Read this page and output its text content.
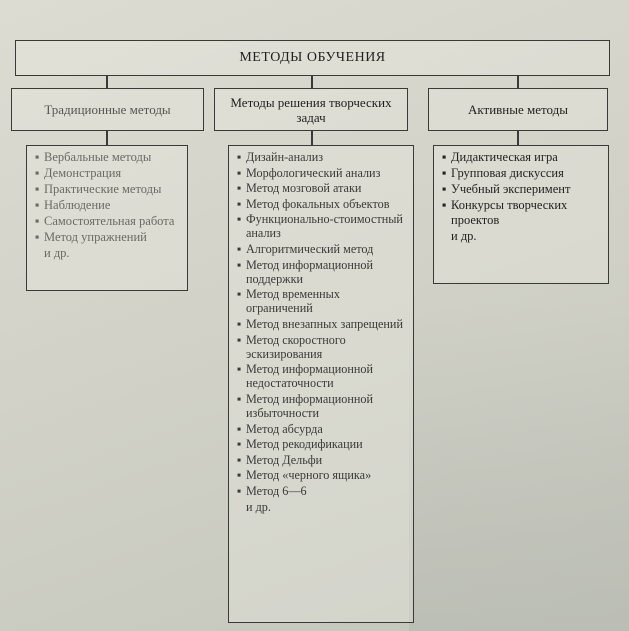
МЕТОДЫ ОБУЧЕНИЯ
Традиционные методы	Методы решения творческих задач	Активные методы
▪ Вербальные методы
▪ Демонстрация
▪ Практические методы
▪ Наблюдение
▪ Самостоятельная работа
▪ Метод упражнений
и др.
▪ Дизайн-анализ
▪ Морфологический анализ
▪ Метод мозговой атаки
▪ Метод фокальных объектов
▪ Функционально-стоимостный анализ
▪ Алгоритмический метод
▪ Метод информационной поддержки
▪ Метод временных ограничений
▪ Метод внезапных запрещений
▪ Метод скоростного эскизирования
▪ Метод информационной недостаточности
▪ Метод информационной избыточности
▪ Метод абсурда
▪ Метод рекодификации
▪ Метод Дельфи
▪ Метод «черного ящика»
▪ Метод 6—6
и др.
▪ Дидактическая игра
▪ Групповая дискуссия
▪ Учебный эксперимент
▪ Конкурсы творческих проектов
и др.
